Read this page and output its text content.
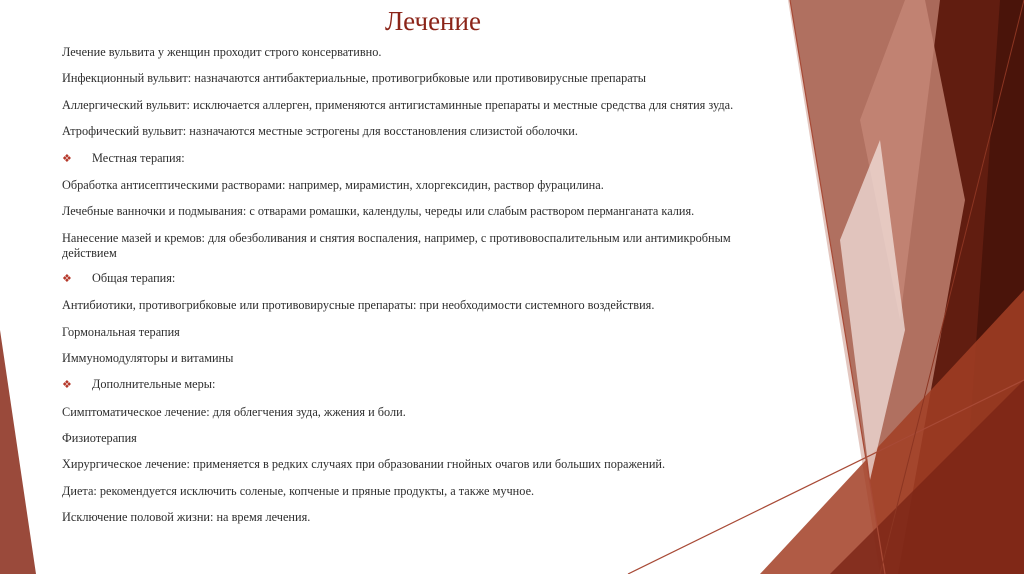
Лечение
Лечение вульвита у женщин проходит строго консервативно.
Инфекционный вульвит: назначаются антибактериальные, противогрибковые или противовирусные препараты
Аллергический вульвит: исключается аллерген, применяются антигистаминные препараты и местные средства для снятия зуда.
Атрофический вульвит: назначаются местные эстрогены для восстановления слизистой оболочки.
❖	Местная терапия:
Обработка антисептическими растворами: например, мирамистин, хлоргексидин, раствор фурацилина.
Лечебные ванночки и подмывания: с отварами ромашки, календулы, череды или слабым раствором перманганата калия.
Нанесение мазей и кремов: для обезболивания и снятия воспаления, например, с противовоспалительным или антимикробным действием
❖	Общая терапия:
Антибиотики, противогрибковые или противовирусные препараты: при необходимости системного воздействия.
Гормональная терапия
Иммуномодуляторы и витамины
❖	Дополнительные меры:
Симптоматическое лечение: для облегчения зуда, жжения и боли.
Физиотерапия
Хирургическое лечение: применяется в редких случаях при образовании гнойных очагов или больших поражений.
Диета: рекомендуется исключить соленые, копченые и пряные продукты, а также мучное.
Исключение половой жизни: на время лечения.
